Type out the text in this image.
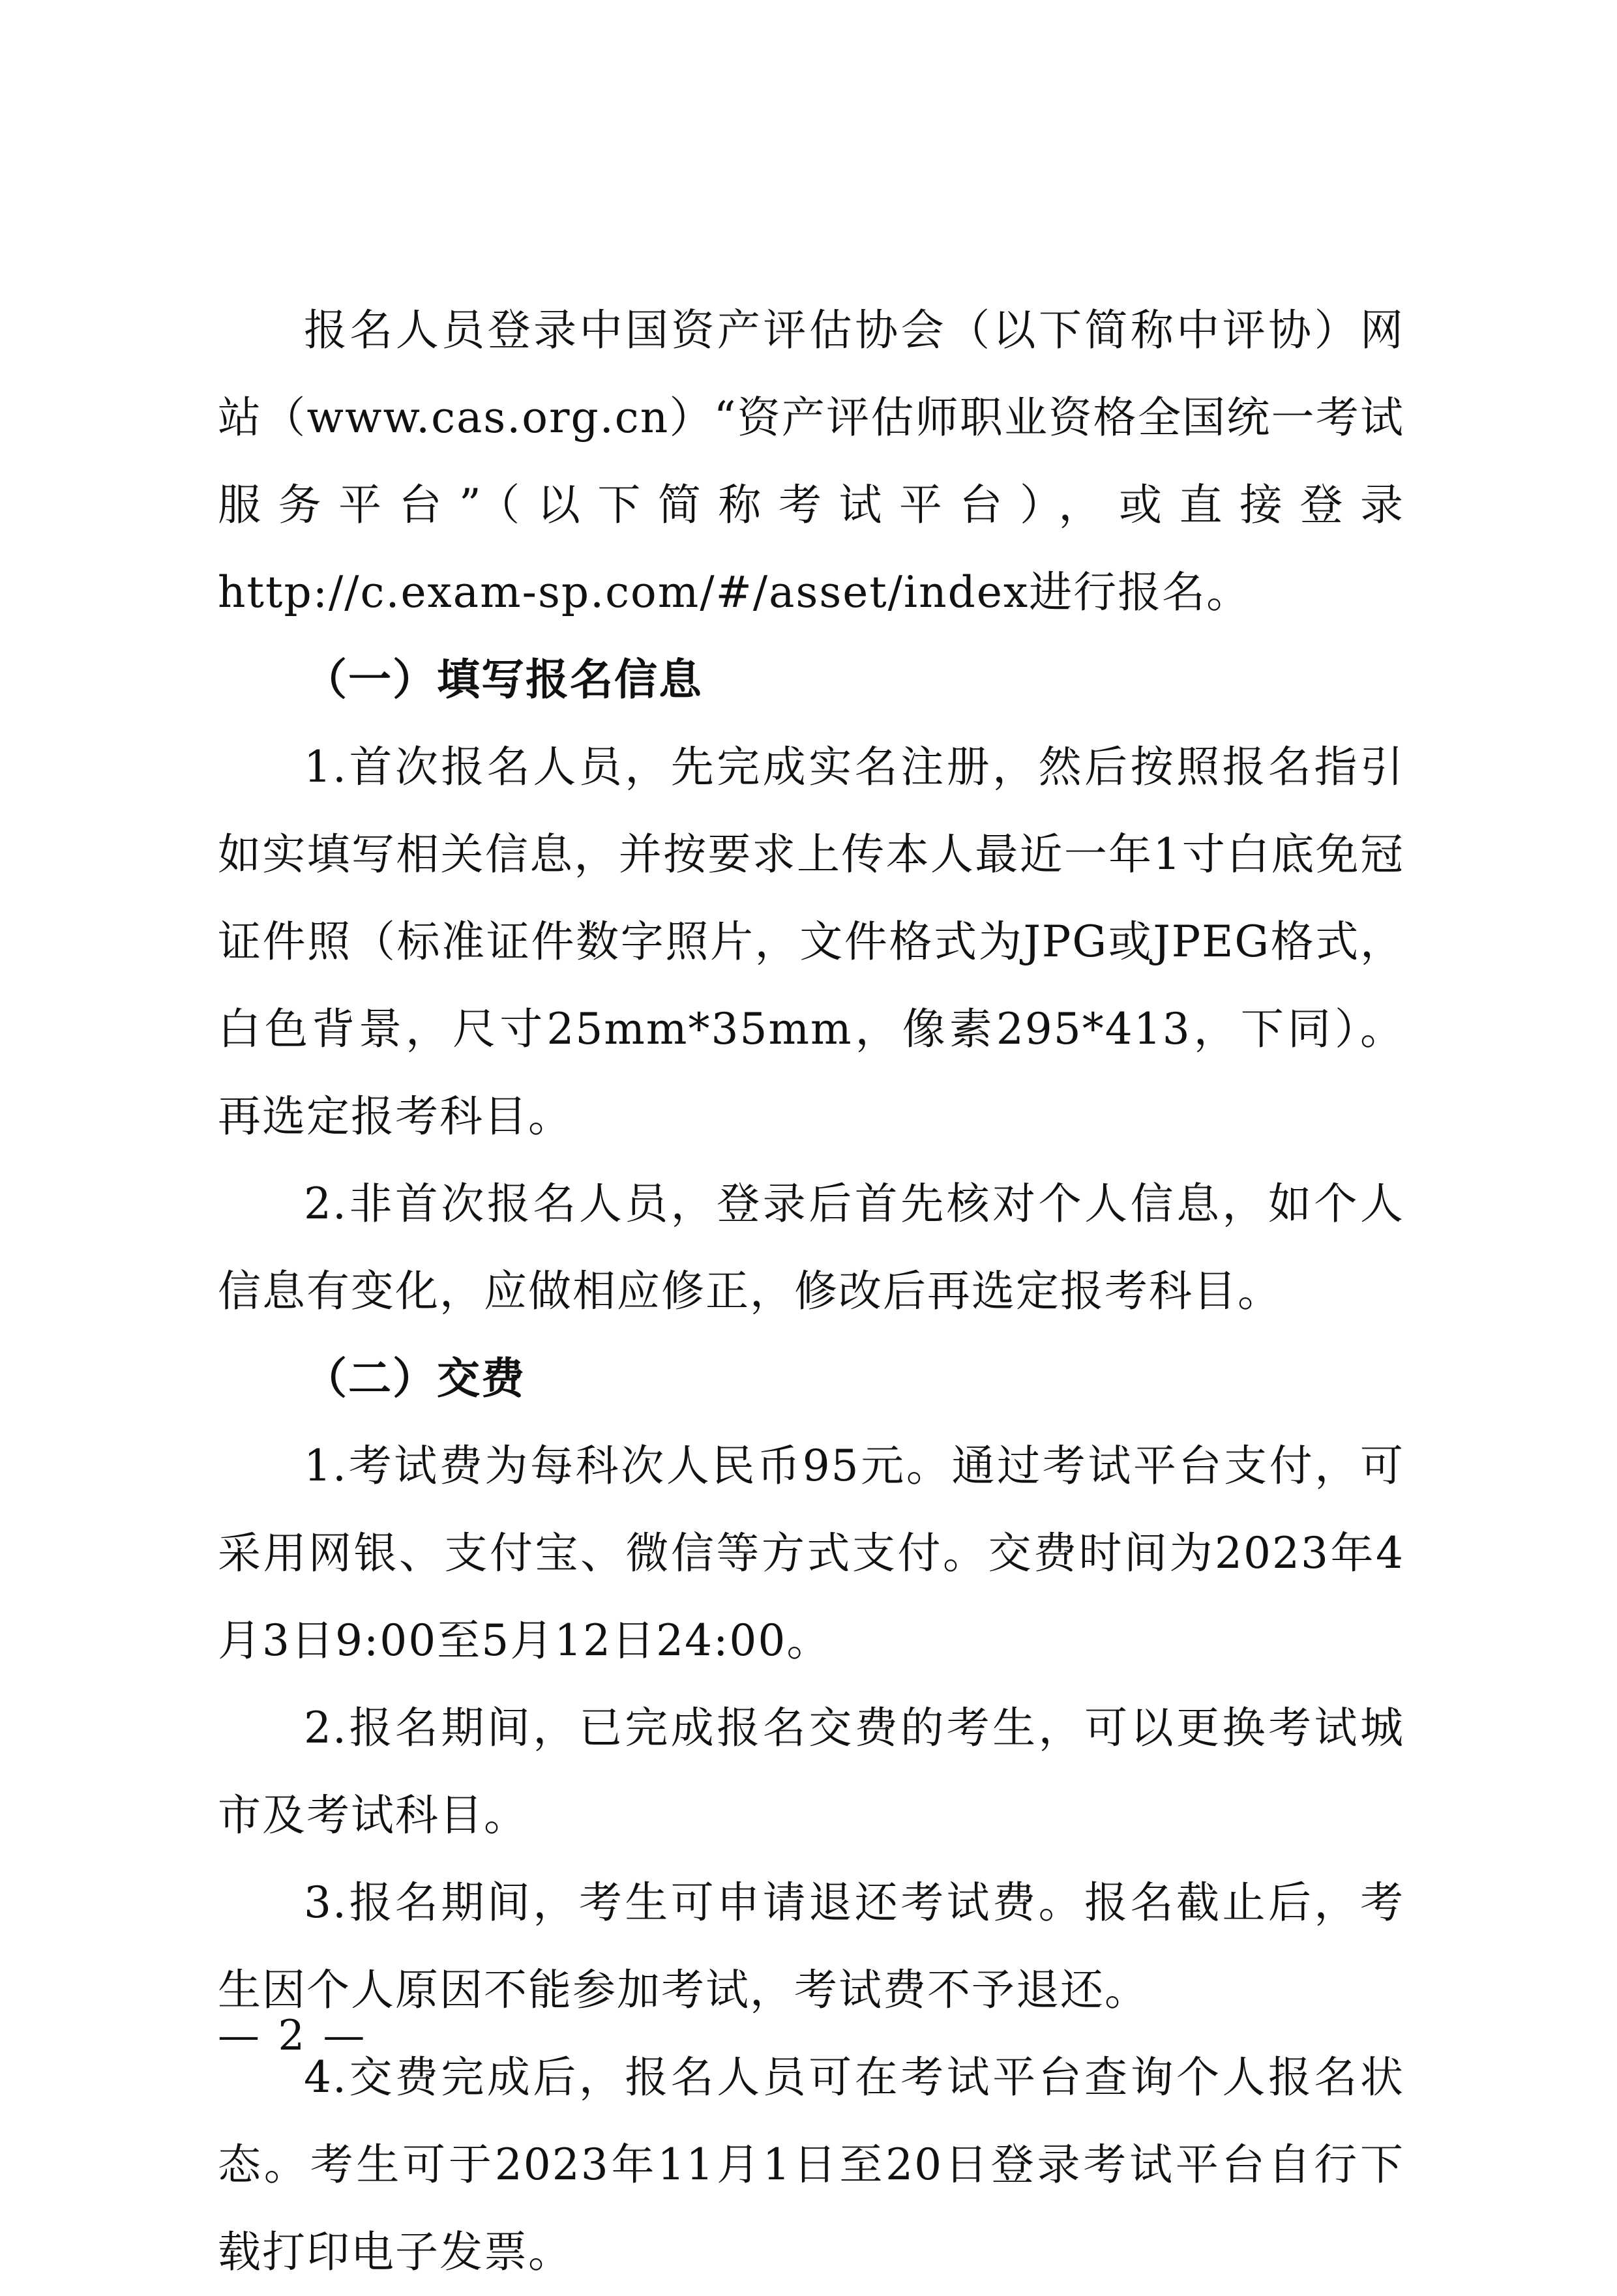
报名人员登录中国资产评估协会（以下简称中评协）网站（www.cas.org.cn）“资产评估师职业资格全国统一考试服务平台”（以下简称考试平台），或直接登录http://c.exam-sp.com/#/asset/index进行报名。

（一）填写报名信息

1.首次报名人员，先完成实名注册，然后按照报名指引如实填写相关信息，并按要求上传本人最近一年1寸白底免冠证件照（标准证件数字照片，文件格式为JPG或JPEG格式，白色背景，尺寸25mm*35mm，像素295*413，下同）。再选定报考科目。

2.非首次报名人员，登录后首先核对个人信息，如个人信息有变化，应做相应修正，修改后再选定报考科目。

（二）交费

1.考试费为每科次人民币95元。通过考试平台支付，可采用网银、支付宝、微信等方式支付。交费时间为2023年4月3日9:00至5月12日24:00。

2.报名期间，已完成报名交费的考生，可以更换考试城市及考试科目。

3.报名期间，考生可申请退还考试费。报名截止后，考生因个人原因不能参加考试，考试费不予退还。

4.交费完成后，报名人员可在考试平台查询个人报名状态。考生可于2023年11月1日至20日登录考试平台自行下载打印电子发票。

— 2 —
